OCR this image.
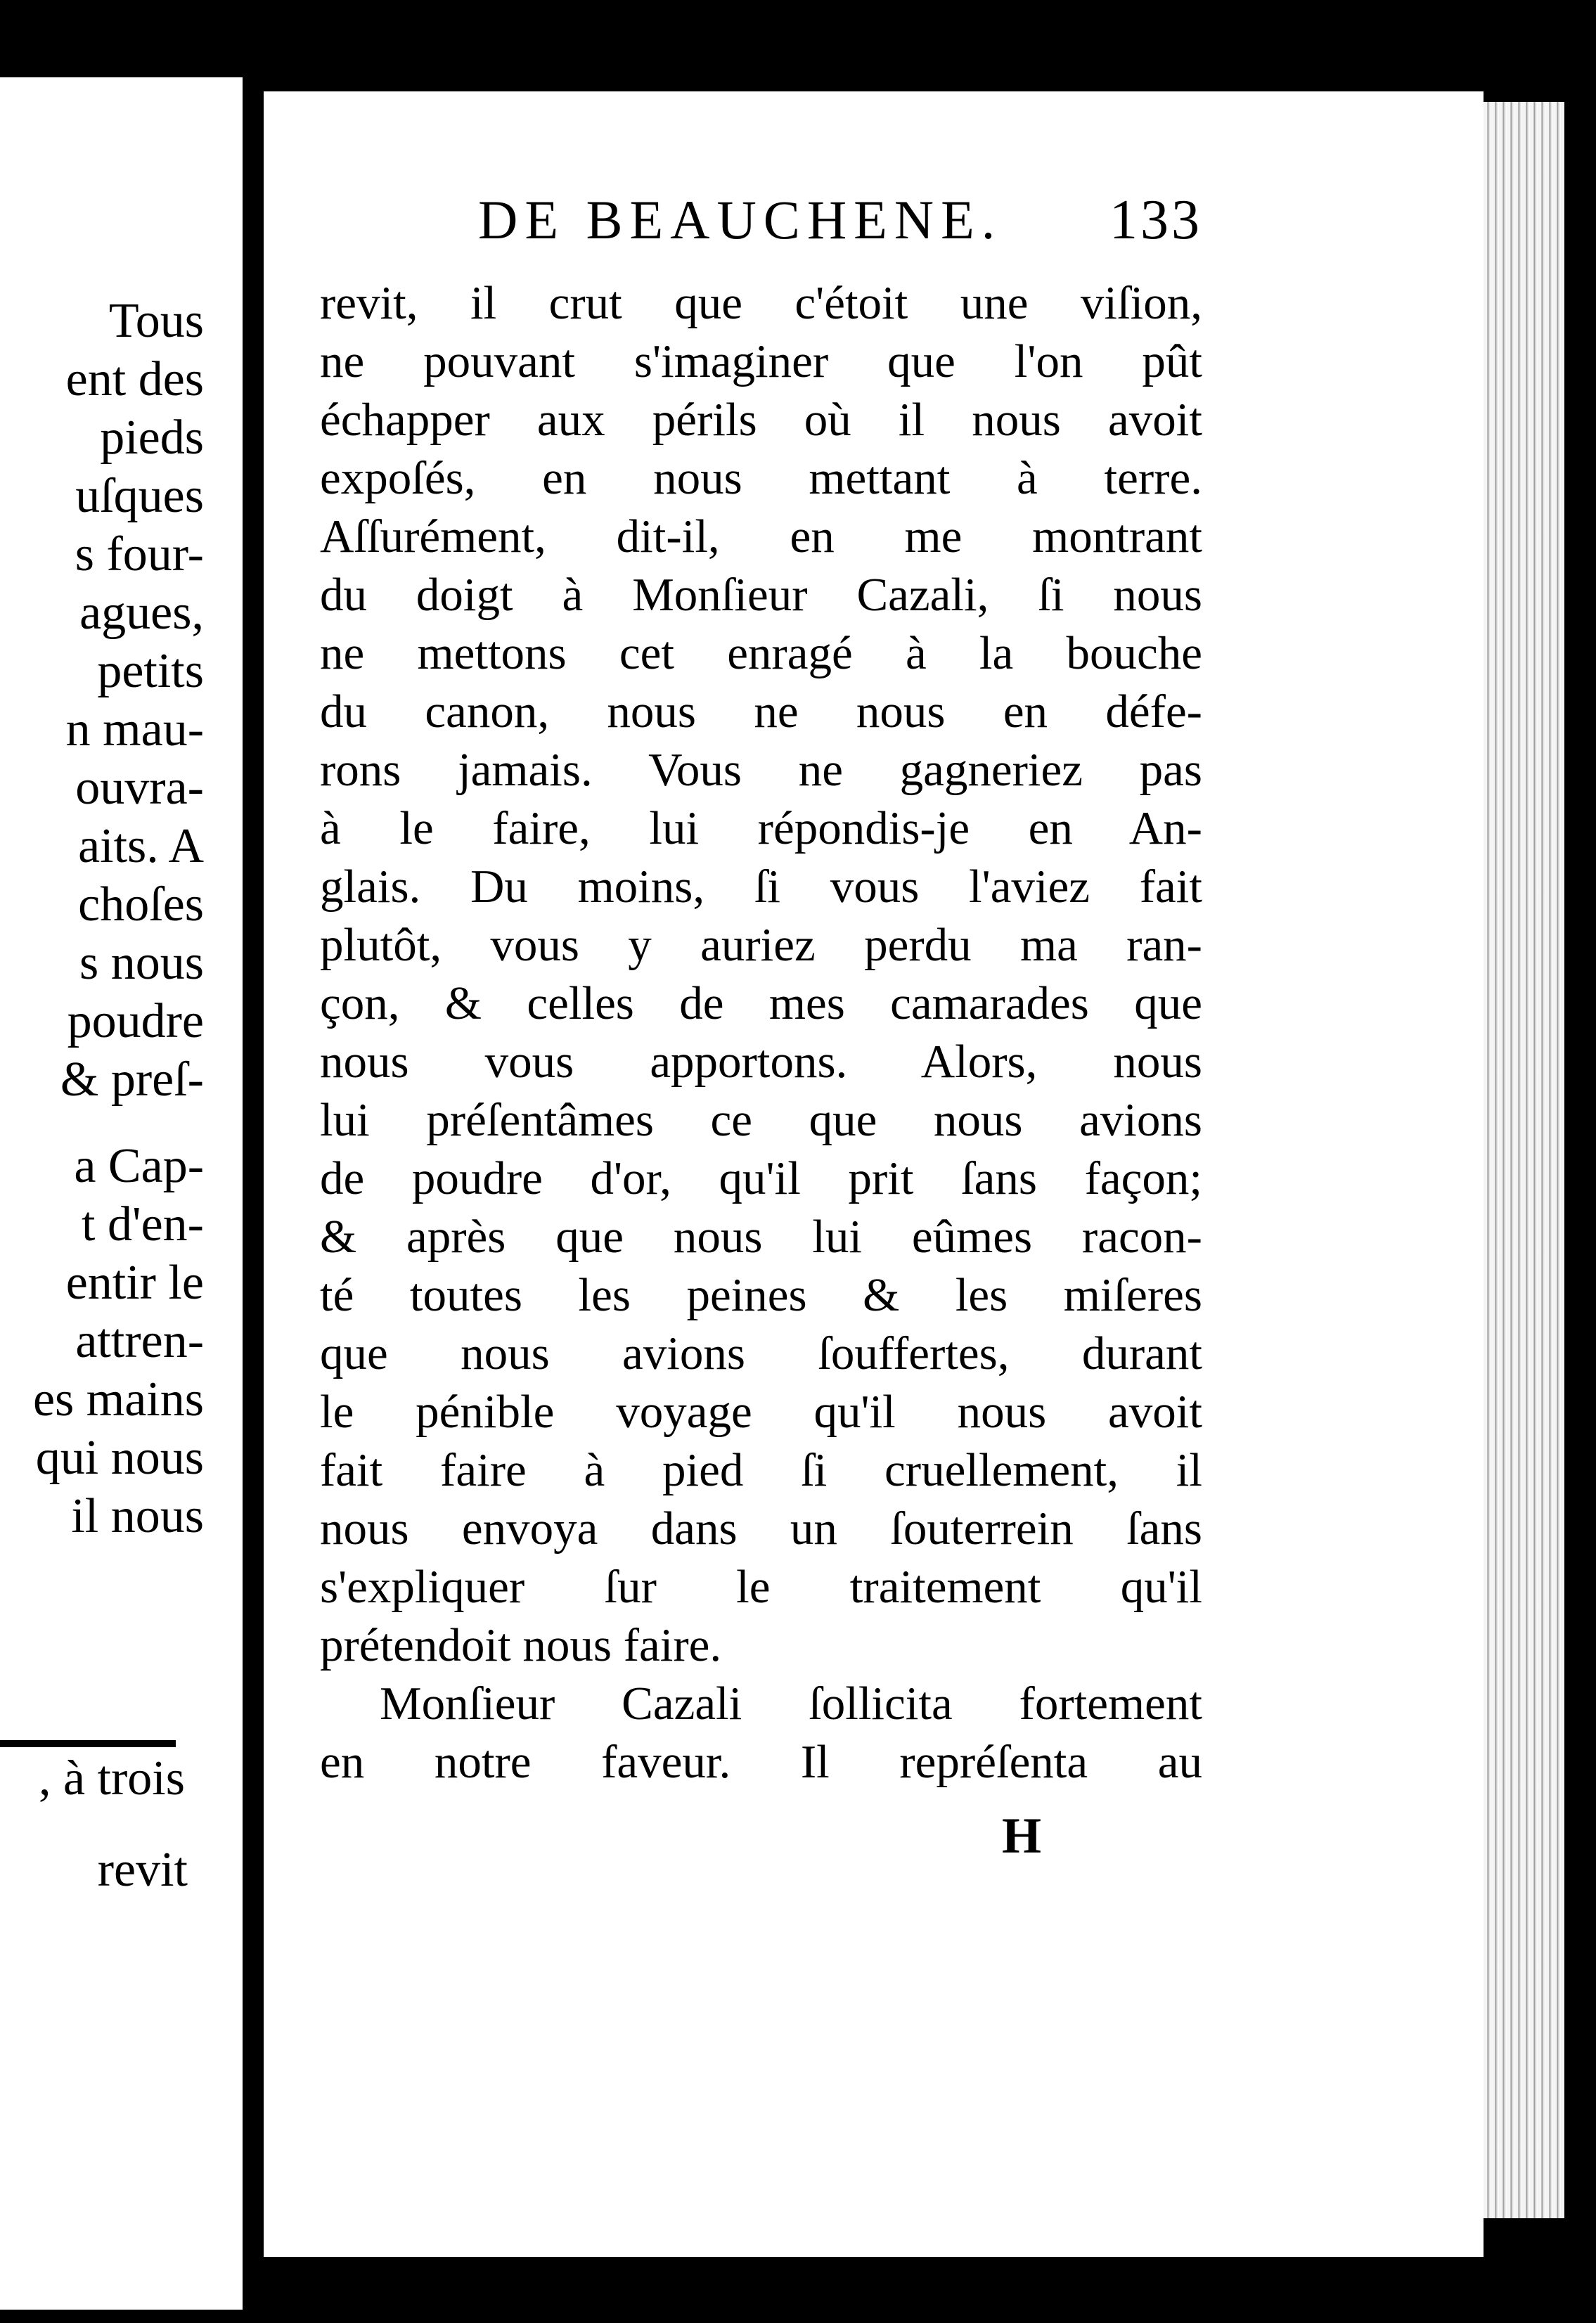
Tous
ent des
pieds
uſques
s four-
agues,
petits
n mau-
ouvra-
aits. A
choſes
s nous
poudre
& preſ-
a Cap-
t d'en-
entir le
attren-
es mains
qui nous
il nous
, à trois
revit
DE BEAUCHENE. 133
revit, il crut que c'étoit une viſion,
ne pouvant s'imaginer que l'on pût
échapper aux périls où il nous avoit
expoſés, en nous mettant à terre.
Aſſurément, dit-il, en me montrant
du doigt à Monſieur Cazali, ſi nous
ne mettons cet enragé à la bouche
du canon, nous ne nous en défe-
rons jamais. Vous ne gagneriez pas
à le faire, lui répondis-je en An-
glais. Du moins, ſi vous l'aviez fait
plutôt, vous y auriez perdu ma ran-
çon, & celles de mes camarades que
nous vous apportons. Alors, nous
lui préſentâmes ce que nous avions
de poudre d'or, qu'il prit ſans façon;
& après que nous lui eûmes racon-
té toutes les peines & les miſeres
que nous avions ſouffertes, durant
le pénible voyage qu'il nous avoit
fait faire à pied ſi cruellement, il
nous envoya dans un ſouterrein ſans
s'expliquer ſur le traitement qu'il
prétendoit nous faire.
Monſieur Cazali ſollicita fortement
en notre faveur. Il repréſenta au
H
